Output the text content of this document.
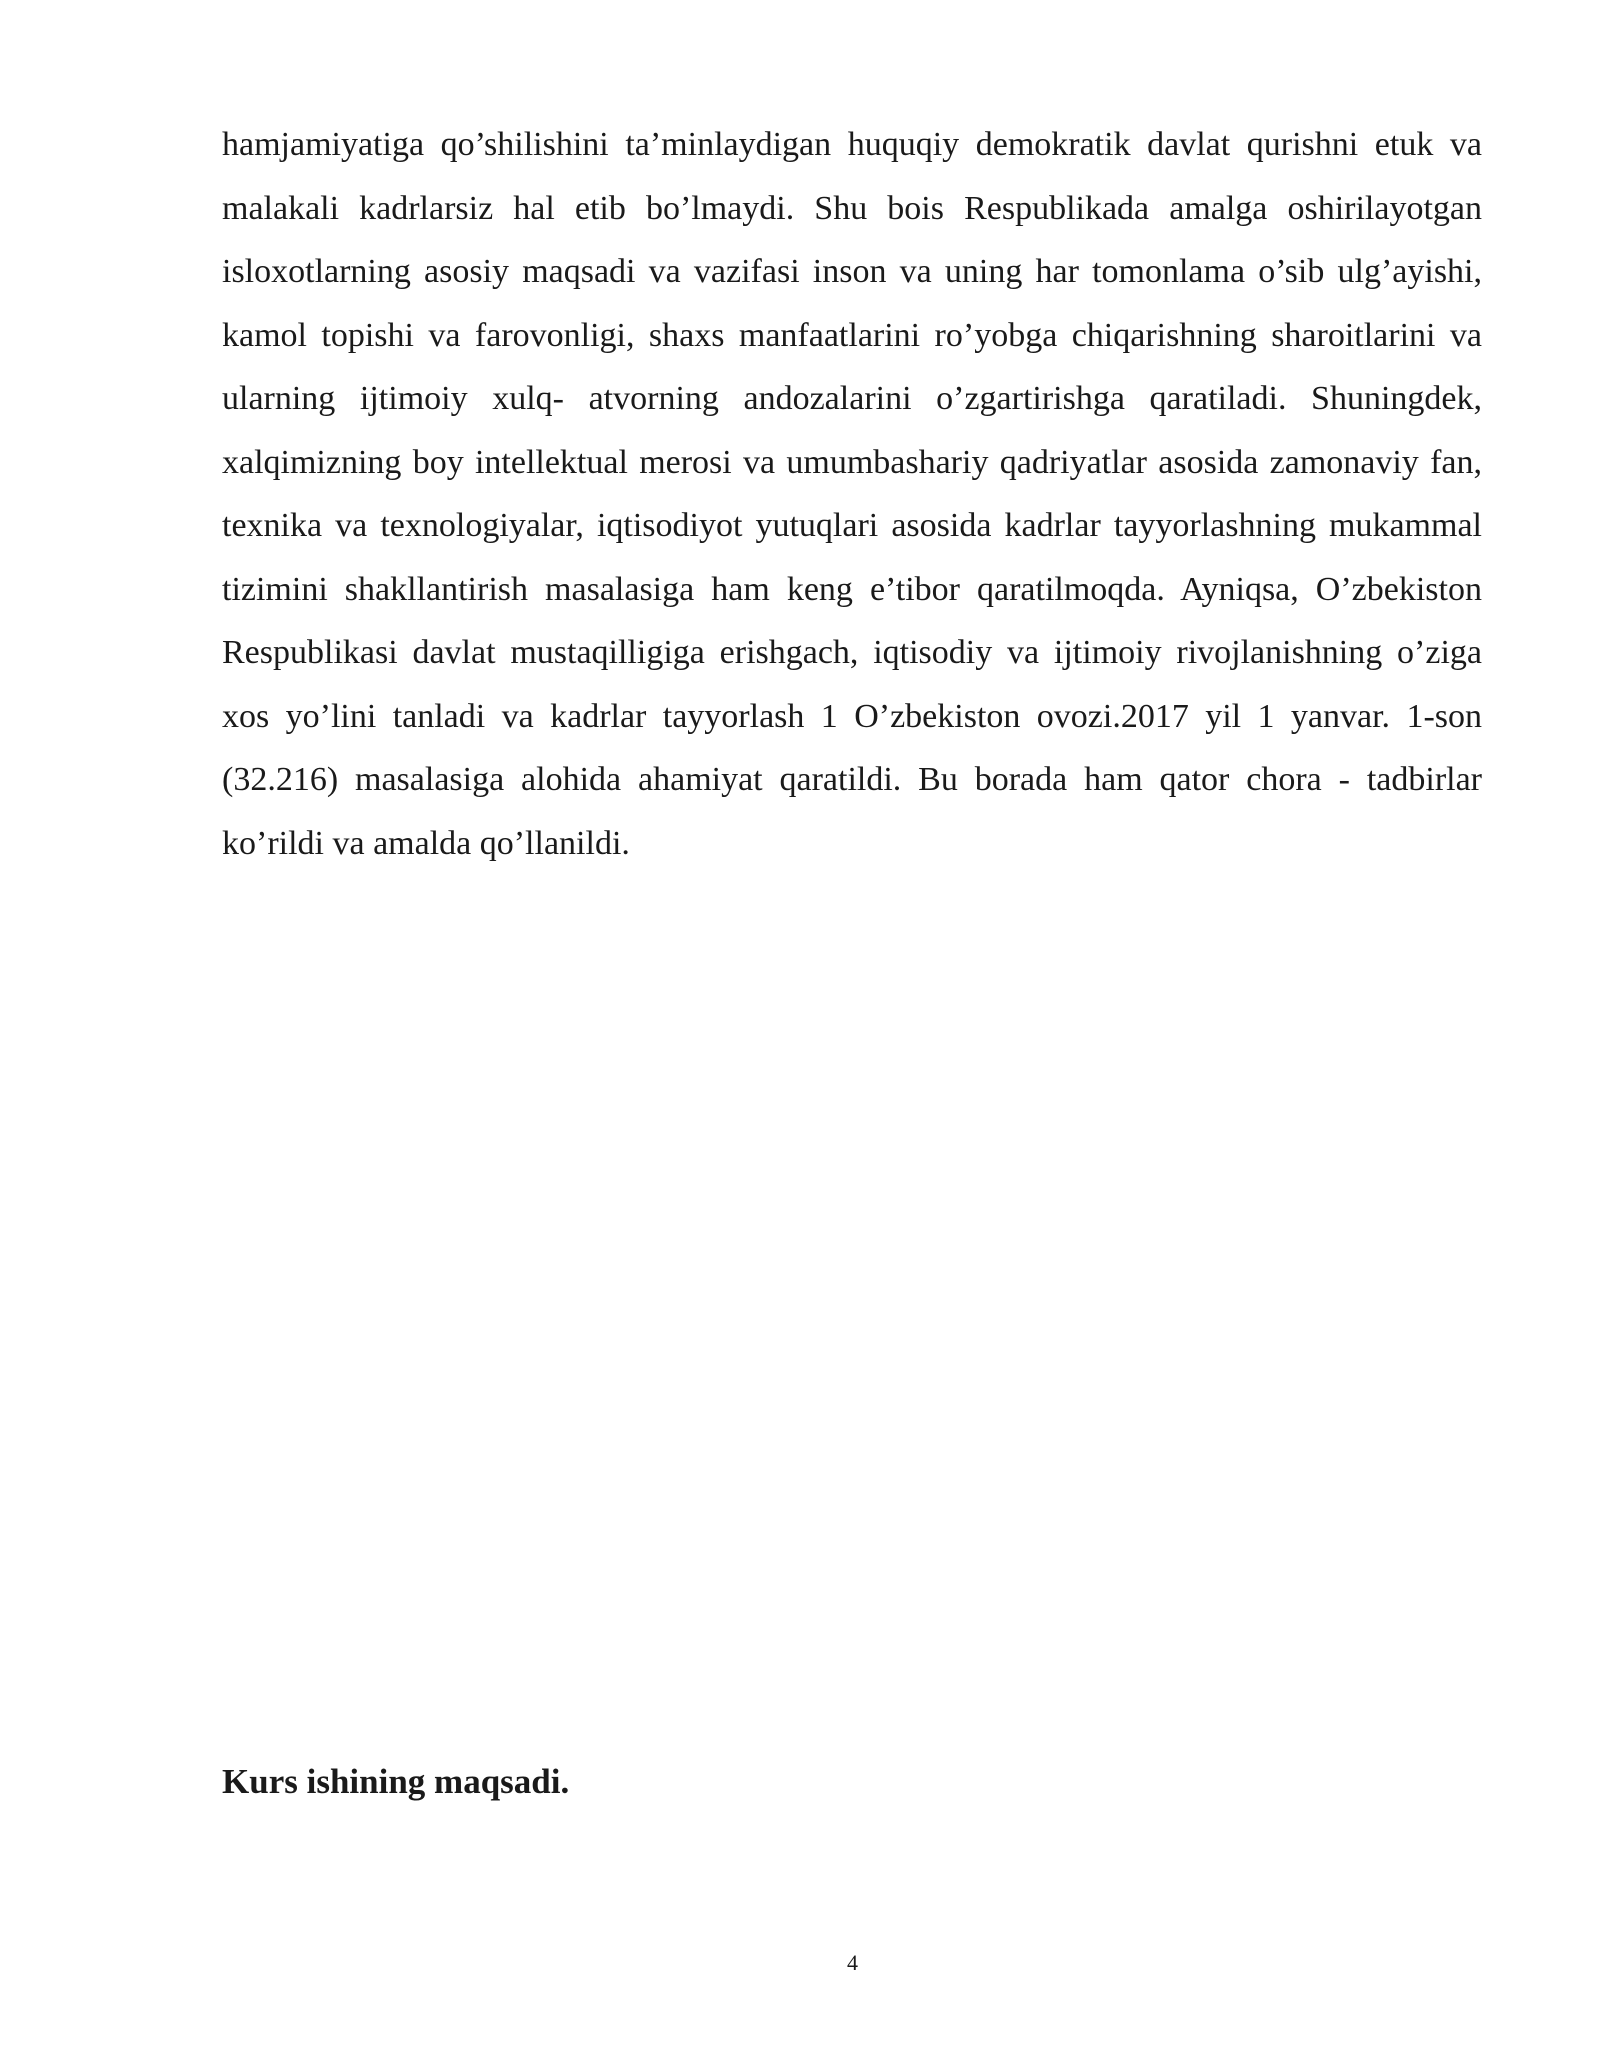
hamjamiyatiga qo’shilishini ta’minlaydigan huquqiy demokratik davlat qurishni etuk va malakali kadrlarsiz hal etib bo’lmaydi. Shu bois Respublikada amalga oshirilayotgan isloxotlarning asosiy maqsadi va vazifasi inson va uning har tomonlama o’sib ulg’ayishi, kamol topishi va farovonligi, shaxs manfaatlarini ro’yobga chiqarishning sharoitlarini va ularning ijtimoiy xulq- atvorning andozalarini o’zgartirishga qaratiladi. Shuningdek, xalqimizning boy intellektual merosi va umumbashariy qadriyatlar asosida zamonaviy fan, texnika va texnologiyalar, iqtisodiyot yutuqlari asosida kadrlar tayyorlashning mukammal tizimini shakllantirish masalasiga ham keng e’tibor qaratilmoqda. Ayniqsa, O’zbekiston Respublikasi davlat mustaqilligiga erishgach, iqtisodiy va ijtimoiy rivojlanishning o’ziga xos yo’lini tanladi va kadrlar tayyorlash 1 O’zbekiston ovozi.2017 yil 1 yanvar. 1-son (32.216) masalasiga alohida ahamiyat qaratildi. Bu borada ham qator chora - tadbirlar ko’rildi va amalda qo’llanildi.

Kurs ishining maqsadi.
4
